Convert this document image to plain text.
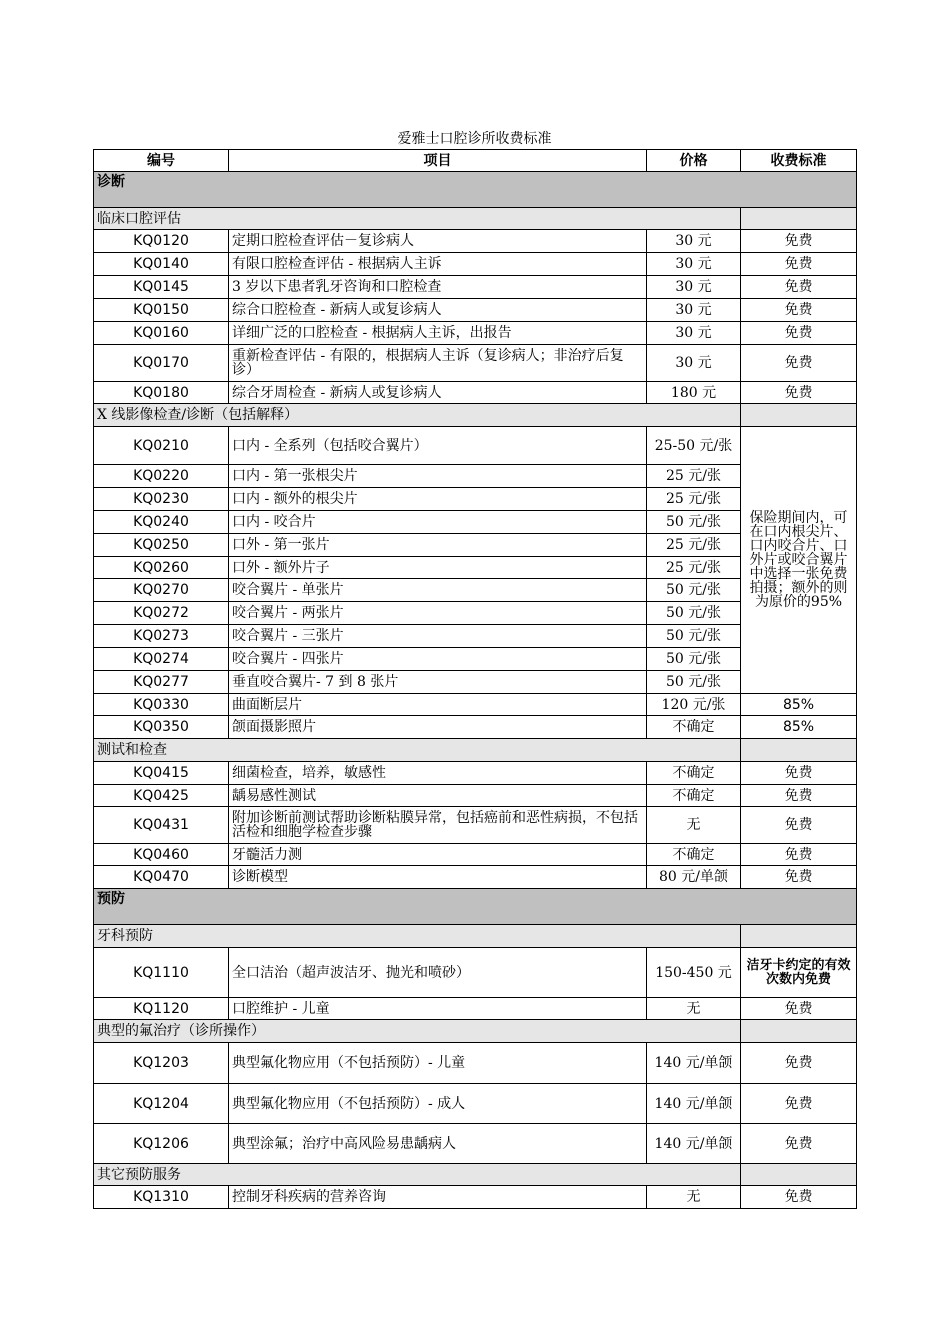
爱雅士口腔诊所收费标准
编号	项目	价格	收费标准
诊断			
临床口腔评估			
KQ0120	定期口腔检查评估－复诊病人	30 元	免费
KQ0140	有限口腔检查评估 - 根据病人主诉	30 元	免费
KQ0145	3 岁以下患者乳牙咨询和口腔检查	30 元	免费
KQ0150	综合口腔检查 - 新病人或复诊病人	30 元	免费
KQ0160	详细广泛的口腔检查 - 根据病人主诉，出报告	30 元	免费
KQ0170	重新检查评估 - 有限的，根据病人主诉（复诊病人；非治疗后复诊）	30 元	免费
KQ0180	综合牙周检查 - 新病人或复诊病人	180 元	免费
X 线影像检查/诊断（包括解释）			
KQ0210	口内 - 全系列（包括咬合翼片）	25-50 元/张	保险期间内，可在口内根尖片、口内咬合片、口外片或咬合翼片中选择一张免费拍摄；额外的则为原价的95%
KQ0220	口内 - 第一张根尖片	25 元/张	
KQ0230	口内 - 额外的根尖片	25 元/张	
KQ0240	口内 - 咬合片	50 元/张	
KQ0250	口外 - 第一张片	25 元/张	
KQ0260	口外 - 额外片子	25 元/张	
KQ0270	咬合翼片 - 单张片	50 元/张	
KQ0272	咬合翼片 - 两张片	50 元/张	
KQ0273	咬合翼片 - 三张片	50 元/张	
KQ0274	咬合翼片 - 四张片	50 元/张	
KQ0277	垂直咬合翼片- 7 到 8 张片	50 元/张	
KQ0330	曲面断层片	120 元/张	85%
KQ0350	颌面摄影照片	不确定	85%
测试和检查			
KQ0415	细菌检查，培养，敏感性	不确定	免费
KQ0425	龋易感性测试	不确定	免费
KQ0431	附加诊断前测试帮助诊断粘膜异常，包括癌前和恶性病损，不包括活检和细胞学检查步骤	无	免费
KQ0460	牙髓活力测	不确定	免费
KQ0470	诊断模型	80 元/单颌	免费
预防			
牙科预防			
KQ1110	全口洁治（超声波洁牙、抛光和喷砂）	150-450 元	洁牙卡约定的有效次数内免费
KQ1120	口腔维护 - 儿童	无	免费
典型的氟治疗（诊所操作）			
KQ1203	典型氟化物应用（不包括预防）- 儿童	140 元/单颌	免费
KQ1204	典型氟化物应用（不包括预防）- 成人	140 元/单颌	免费
KQ1206	典型涂氟；治疗中高风险易患龋病人	140 元/单颌	免费
其它预防服务			
KQ1310	控制牙科疾病的营养咨询	无	免费
